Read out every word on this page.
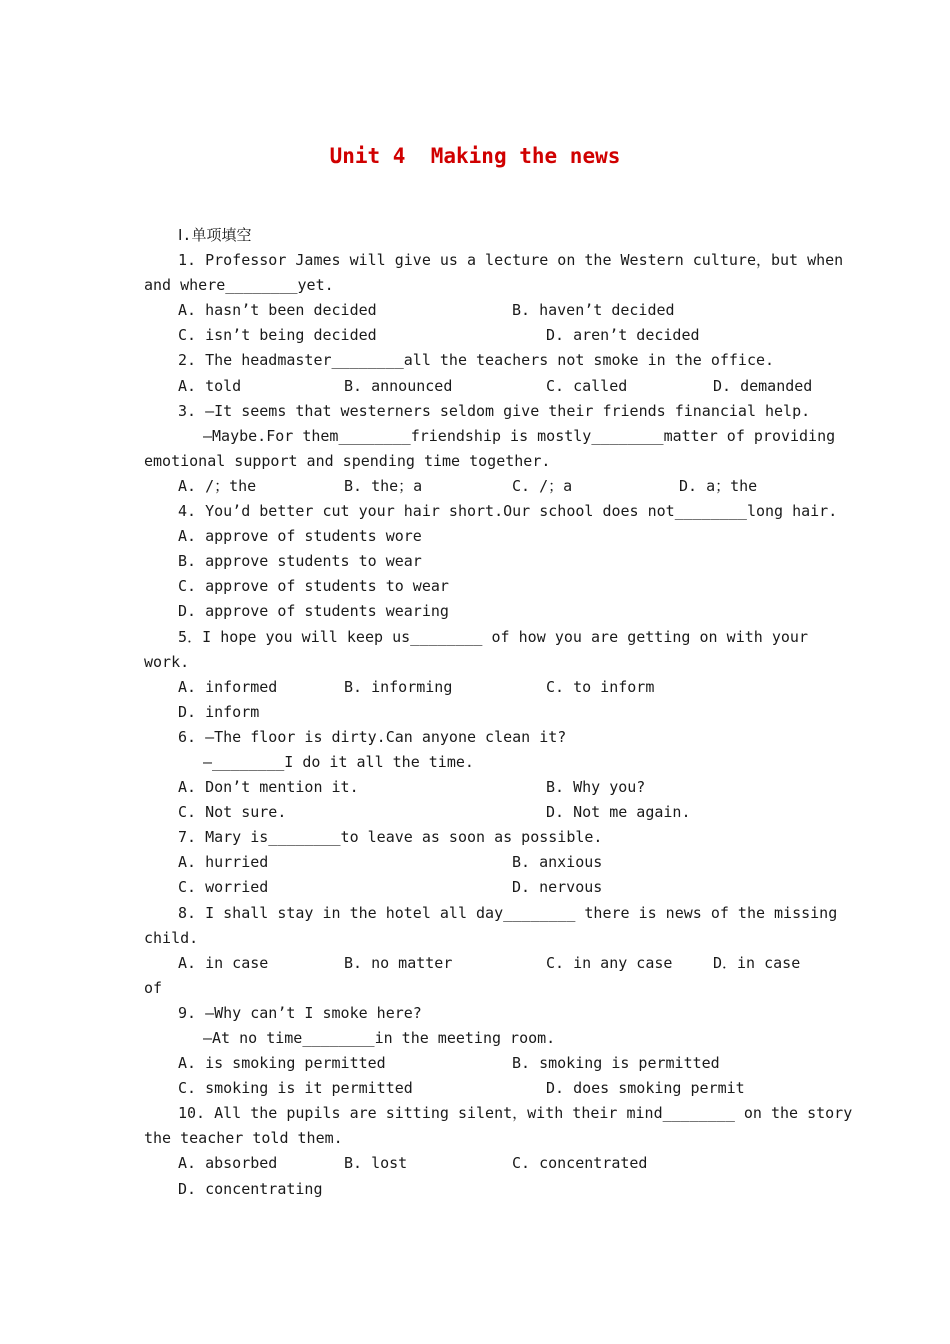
Unit 4  Making the news
Ⅰ.单项填空
1. Professor James will give us a lecture on the Western culture，but when
and where________yet.

A. hasn’t been decided

	B. haven’t decided

C. isn’t being decided

	D. aren’t decided

2. The headmaster________all the teachers not smoke in the office.

A. told

	B. announced

	C. called

	D. demanded

3. —It seems that westerners seldom give their friends financial help.
—Maybe.For them________friendship is mostly________matter of providing
emotional support and spending time together.

A. /；the

	B. the；a

	C. /；a

	D. a；the

4. You’d better cut your hair short.Our school does not________long hair.
A. approve of students wore
B. approve students to wear
C. approve of students to wear
D. approve of students wearing
5．I hope you will keep us________ of how you are getting on with your
work.

A. informed

	B. informing

	C. to inform

D. inform
6. —The floor is dirty.Can anyone clean it?
—________I do it all the time.

A. Don’t mention it.

	B. Why you?

C. Not sure.

	D. Not me again.

7. Mary is________to leave as soon as possible.

A. hurried

	B. anxious

C. worried

	D. nervous

8. I shall stay in the hotel all day________ there is news of the missing
child.

A. in case

	B. no matter

	C. in any case

	D．in case

of
9. —Why can’t I smoke here?
—At no time________in the meeting room.

A. is smoking permitted

	B. smoking is permitted

C. smoking is it permitted

	D. does smoking permit

10. All the pupils are sitting silent，with their mind________ on the story
the teacher told them.

A. absorbed

	B. lost

	C. concentrated

D. concentrating
